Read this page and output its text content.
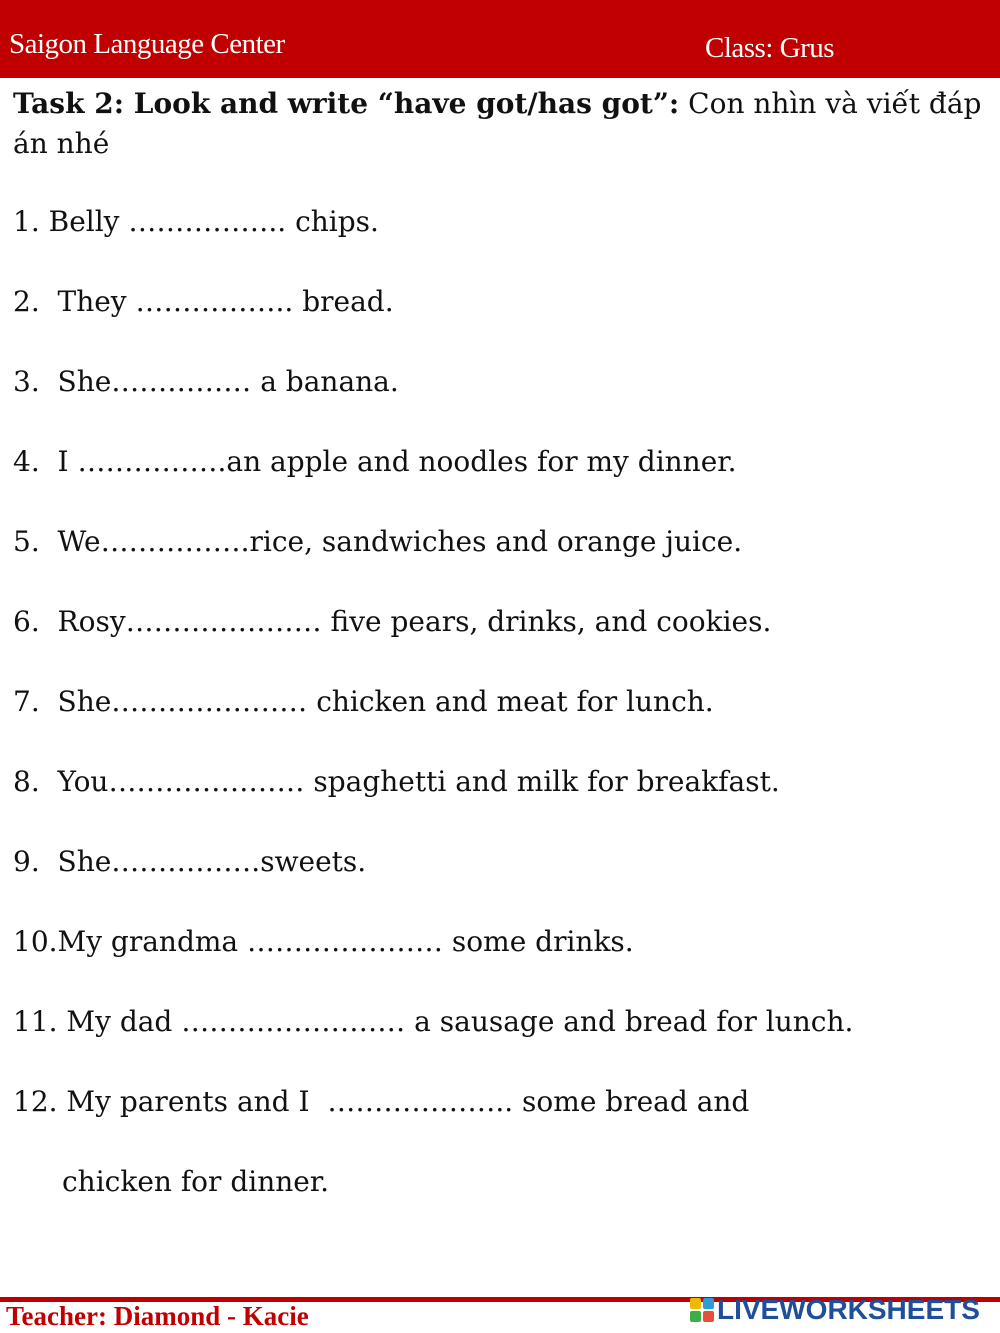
Saigon Language Center	Class: Grus
Task 2: Look and write “have got/has got”: Con nhìn và viết đáp án nhé
1. Belly …………….. chips.
2.  They …………….. bread.
3.  She…………… a banana.
4.  I …………….an apple and noodles for my dinner.
5.  We…………….rice, sandwiches and orange juice.
6.  Rosy………………… five pears, drinks, and cookies.
7.  She………………… chicken and meat for lunch.
8.  You………………… spaghetti and milk for breakfast.
9.  She…………….sweets.
10.My grandma ………………… some drinks.
11. My dad …………………… a sausage and bread for lunch.
12. My parents and I  ……………….. some bread and
chicken for dinner.
Teacher: Diamond - Kacie	LIVEWORKSHEETS
